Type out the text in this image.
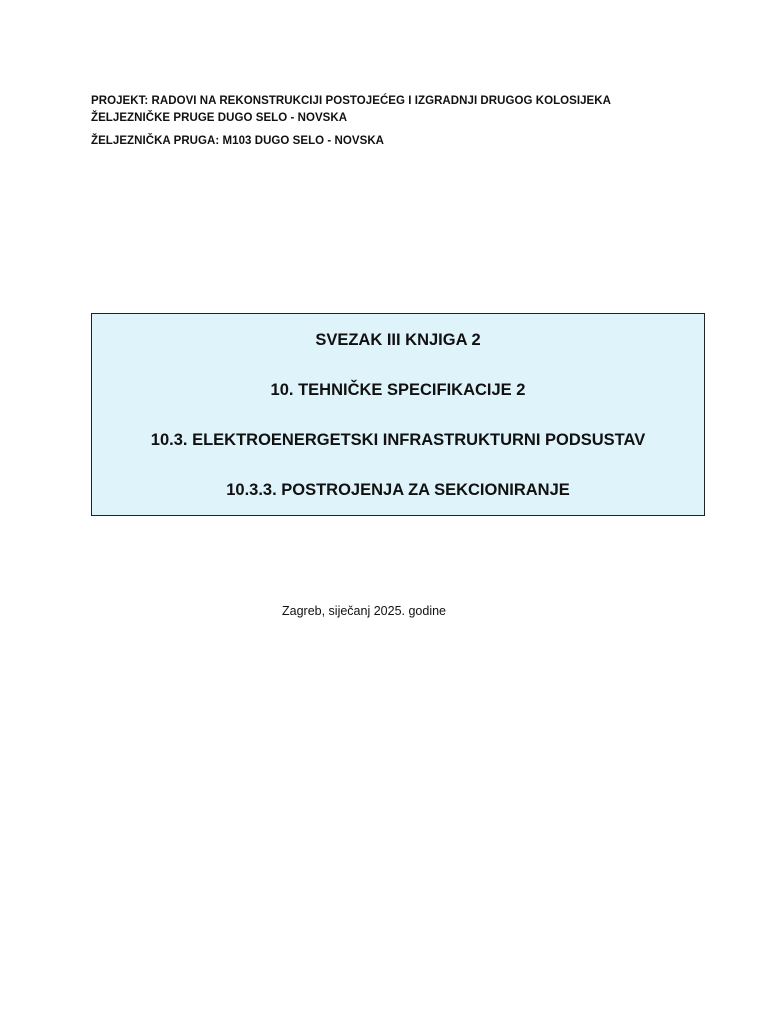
PROJEKT: RADOVI NA REKONSTRUKCIJI POSTOJEĆEG I IZGRADNJI DRUGOG KOLOSIJEKA
ŽELJEZNIČKE PRUGE DUGO SELO - NOVSKA
ŽELJEZNIČKA PRUGA: M103 DUGO SELO - NOVSKA
SVEZAK III KNJIGA 2
10. TEHNIČKE SPECIFIKACIJE 2
10.3. ELEKTROENERGETSKI INFRASTRUKTURNI PODSUSTAV
10.3.3. POSTROJENJA ZA SEKCIONIRANJE
Zagreb, siječanj 2025. godine
